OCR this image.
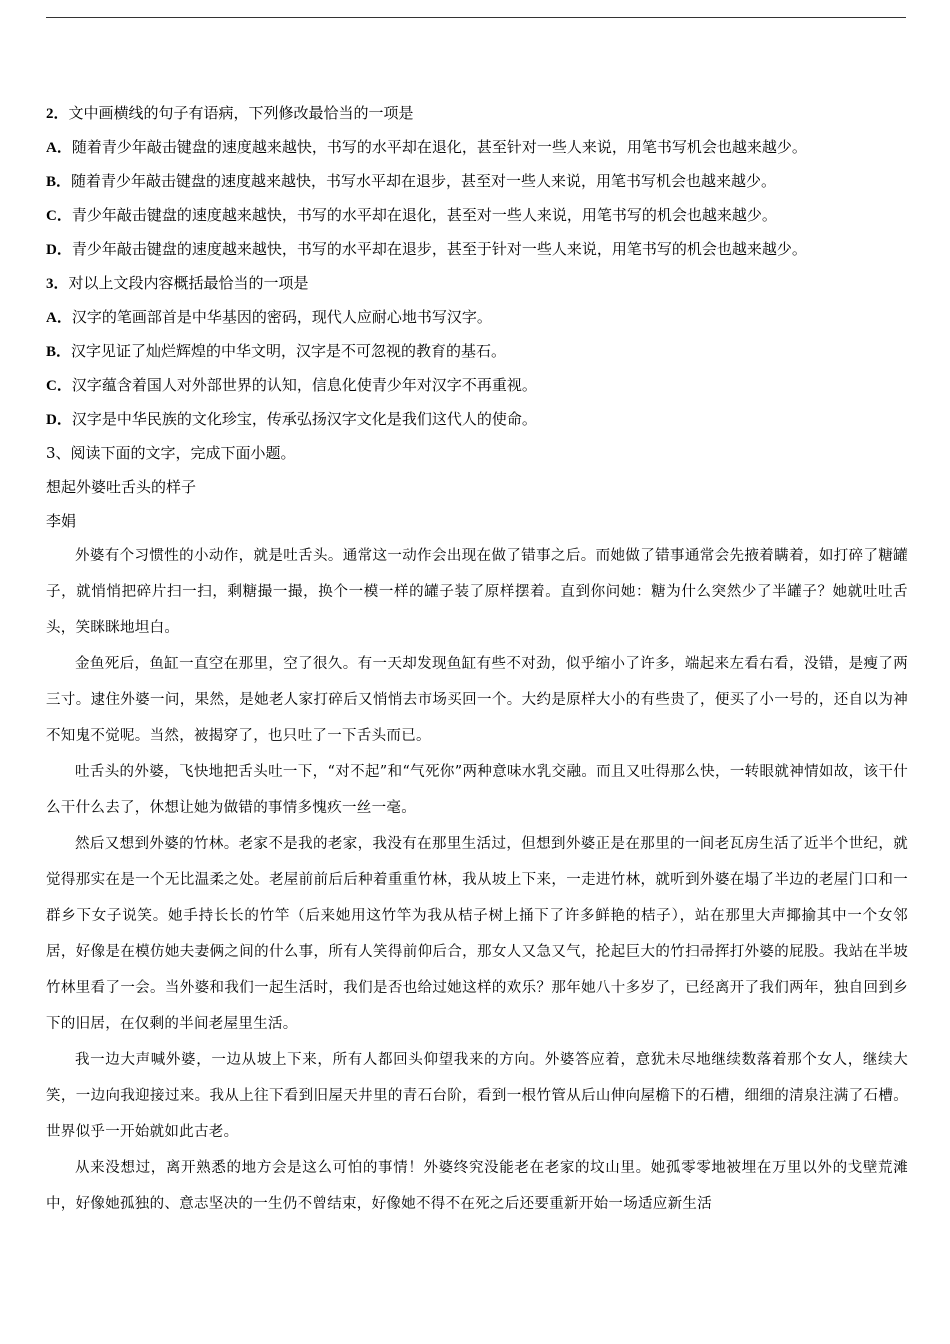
2．文中画横线的句子有语病，下列修改最恰当的一项是
A．随着青少年敲击键盘的速度越来越快，书写的水平却在退化，甚至针对一些人来说，用笔书写机会也越来越少。
B．随着青少年敲击键盘的速度越来越快，书写水平却在退步，甚至对一些人来说，用笔书写机会也越来越少。
C．青少年敲击键盘的速度越来越快，书写的水平却在退化，甚至对一些人来说，用笔书写的机会也越来越少。
D．青少年敲击键盘的速度越来越快，书写的水平却在退步，甚至于针对一些人来说，用笔书写的机会也越来越少。
3．对以上文段内容概括最恰当的一项是
A．汉字的笔画部首是中华基因的密码，现代人应耐心地书写汉字。
B．汉字见证了灿烂辉煌的中华文明，汉字是不可忽视的教育的基石。
C．汉字蕴含着国人对外部世界的认知，信息化使青少年对汉字不再重视。
D．汉字是中华民族的文化珍宝，传承弘扬汉字文化是我们这代人的使命。
3、阅读下面的文字，完成下面小题。
想起外婆吐舌头的样子
李娟

外婆有个习惯性的小动作，就是吐舌头。通常这一动作会出现在做了错事之后。而她做了错事通常会先掖着瞒着，如打碎了糖罐子，就悄悄把碎片扫一扫，剩糖撮一撮，换个一模一样的罐子装了原样摆着。直到你问她：糖为什么突然少了半罐子？她就吐吐舌头，笑眯眯地坦白。

金鱼死后，鱼缸一直空在那里，空了很久。有一天却发现鱼缸有些不对劲，似乎缩小了许多，端起来左看右看，没错，是瘦了两三寸。逮住外婆一问，果然，是她老人家打碎后又悄悄去市场买回一个。大约是原样大小的有些贵了，便买了小一号的，还自以为神不知鬼不觉呢。当然，被揭穿了，也只吐了一下舌头而已。

吐舌头的外婆，飞快地把舌头吐一下，“对不起”和“气死你”两种意味水乳交融。而且又吐得那么快，一转眼就神情如故，该干什么干什么去了，休想让她为做错的事情多愧疚一丝一毫。

然后又想到外婆的竹林。老家不是我的老家，我没有在那里生活过，但想到外婆正是在那里的一间老瓦房生活了近半个世纪，就觉得那实在是一个无比温柔之处。老屋前前后后种着重重竹林，我从坡上下来，一走进竹林，就听到外婆在塌了半边的老屋门口和一群乡下女子说笑。她手持长长的竹竿（后来她用这竹竿为我从桔子树上捅下了许多鲜艳的桔子），站在那里大声揶揄其中一个女邻居，好像是在模仿她夫妻俩之间的什么事，所有人笑得前仰后合，那女人又急又气，抡起巨大的竹扫帚挥打外婆的屁股。我站在半坡竹林里看了一会。当外婆和我们一起生活时，我们是否也给过她这样的欢乐？那年她八十多岁了，已经离开了我们两年，独自回到乡下的旧居，在仅剩的半间老屋里生活。

我一边大声喊外婆，一边从坡上下来，所有人都回头仰望我来的方向。外婆答应着，意犹未尽地继续数落着那个女人，继续大笑，一边向我迎接过来。我从上往下看到旧屋天井里的青石台阶，看到一根竹管从后山伸向屋檐下的石槽，细细的清泉注满了石槽。世界似乎一开始就如此古老。

从来没想过，离开熟悉的地方会是这么可怕的事情！外婆终究没能老在老家的坟山里。她孤零零地被埋在万里以外的戈壁荒滩中，好像她孤独的、意志坚决的一生仍不曾结束，好像她不得不在死之后还要重新开始一场适应新生活
